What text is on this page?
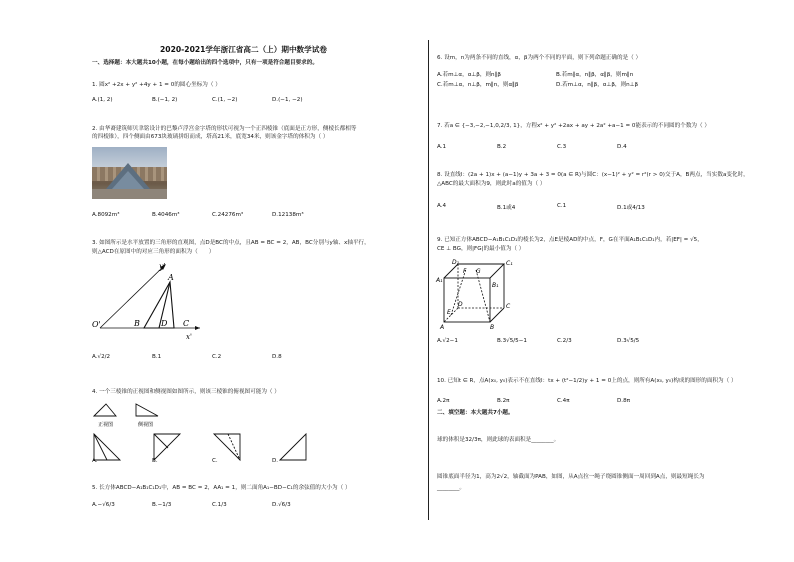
2020-2021学年浙江省高二（上）期中数学试卷
一、选择题：本大题共10小题，在每小题给出的四个选项中，只有一项是符合题目要求的。
1. 圆x² +2x + y² +4y + 1 = 0的圆心坐标为（ ）
A.(1, 2)	B.(−1, 2)	C.(1, −2)	D.(−1, −2)
2. 由华裔建筑师贝聿铭设计的巴黎卢浮宫金字塔的形状可视为一个正四棱锥（底面是正方形，侧棱长都相等
的四棱锥），四个侧面由673块玻璃拼组而成，塔高21米，底宽34米，则该金字塔的体积为（ ）
A.8092m³	B.4046m³	C.24276m³	D.12138m³
3. 如图所示是水平放置的三角形的直观图，点D是BC的中点，且AB = BC = 2，AB，BC分别与y轴、x轴平行，
则△ACD在原图中的对应三角形的面积为（　　）
y'
A
O'	B	D C
x'
A.√2/2	B.1	C.2	D.8
4. 一个三棱锥的正视图和侧视图如图所示，则该三棱锥的俯视图可能为（ ）
正视图	侧视图
A.	B.	C.	D.
5. 长方体ABCD−A₁B₁C₁D₁中，AB = BC = 2，AA₁ = 1，则二面角A₁−BD−C₁的余弦值的大小为（ ）
A.−√6/3	B.−1/3	C.1/3	D.√6/3
6. 设m，n为两条不同的直线，α，β为两个不同的平面，则下列命题正确的是（ ）
A.若m⊥α，α⊥β，则n∥β	B.若m∥α，n∥β，α∥β，则m∥n
C.若m⊥α，n⊥β，m∥n，则α∥β	D.若m⊥α，n∥β，α⊥β，则n⊥β
7. 若a ∈ {−3,−2,−1,0,2/3, 1}，方程x² + y² +2ax + ay + 2a² +a−1 = 0能表示的不同圆的个数为（ ）
A.1	B.2	C.3	D.4
8. 设直线l：(2a + 1)x + (a−1)y + 3a + 3 = 0(a ∈ R)与圆C：(x−1)² + y² = r²(r > 0)交于A，B两点，当实数a变化时，
△ABC的最大面积为9，则此时a的值为（ ）
A.4	B.1或4	C.1	D.1或4/13
9. 已知正方体ABCD−A₁B₁C₁D₁的棱长为2，点E是棱AD的中点，F，G在平面A₁B₁C₁D₁内，若|EF| = √5，
CE ⊥ BG，则|FG|的最小值为（ ）
D₁
F G
C₁
A₁
B₁
D
E
C
A	B
A.√2−1	B.3√5/5−1	C.2/3	D.3√5/5
10. 已知t ∈ R，点A(x₀, y₀)表示不在直线l：tx + (t²−1/2)y + 1 = 0上的点，则所有A(x₀, y₀)构成的图形的面积为（ ）
A.2π	B.2π	C.4π	D.8π
二、填空题：本大题共7小题。
球的体积是32/3π，则此球的表面积是________。
圆锥底面半径为1，高为2√2，轴截面为PAB，如图，从A点拉一绳子绕圆锥侧面一周回到A点，则最短绳长为
________。
